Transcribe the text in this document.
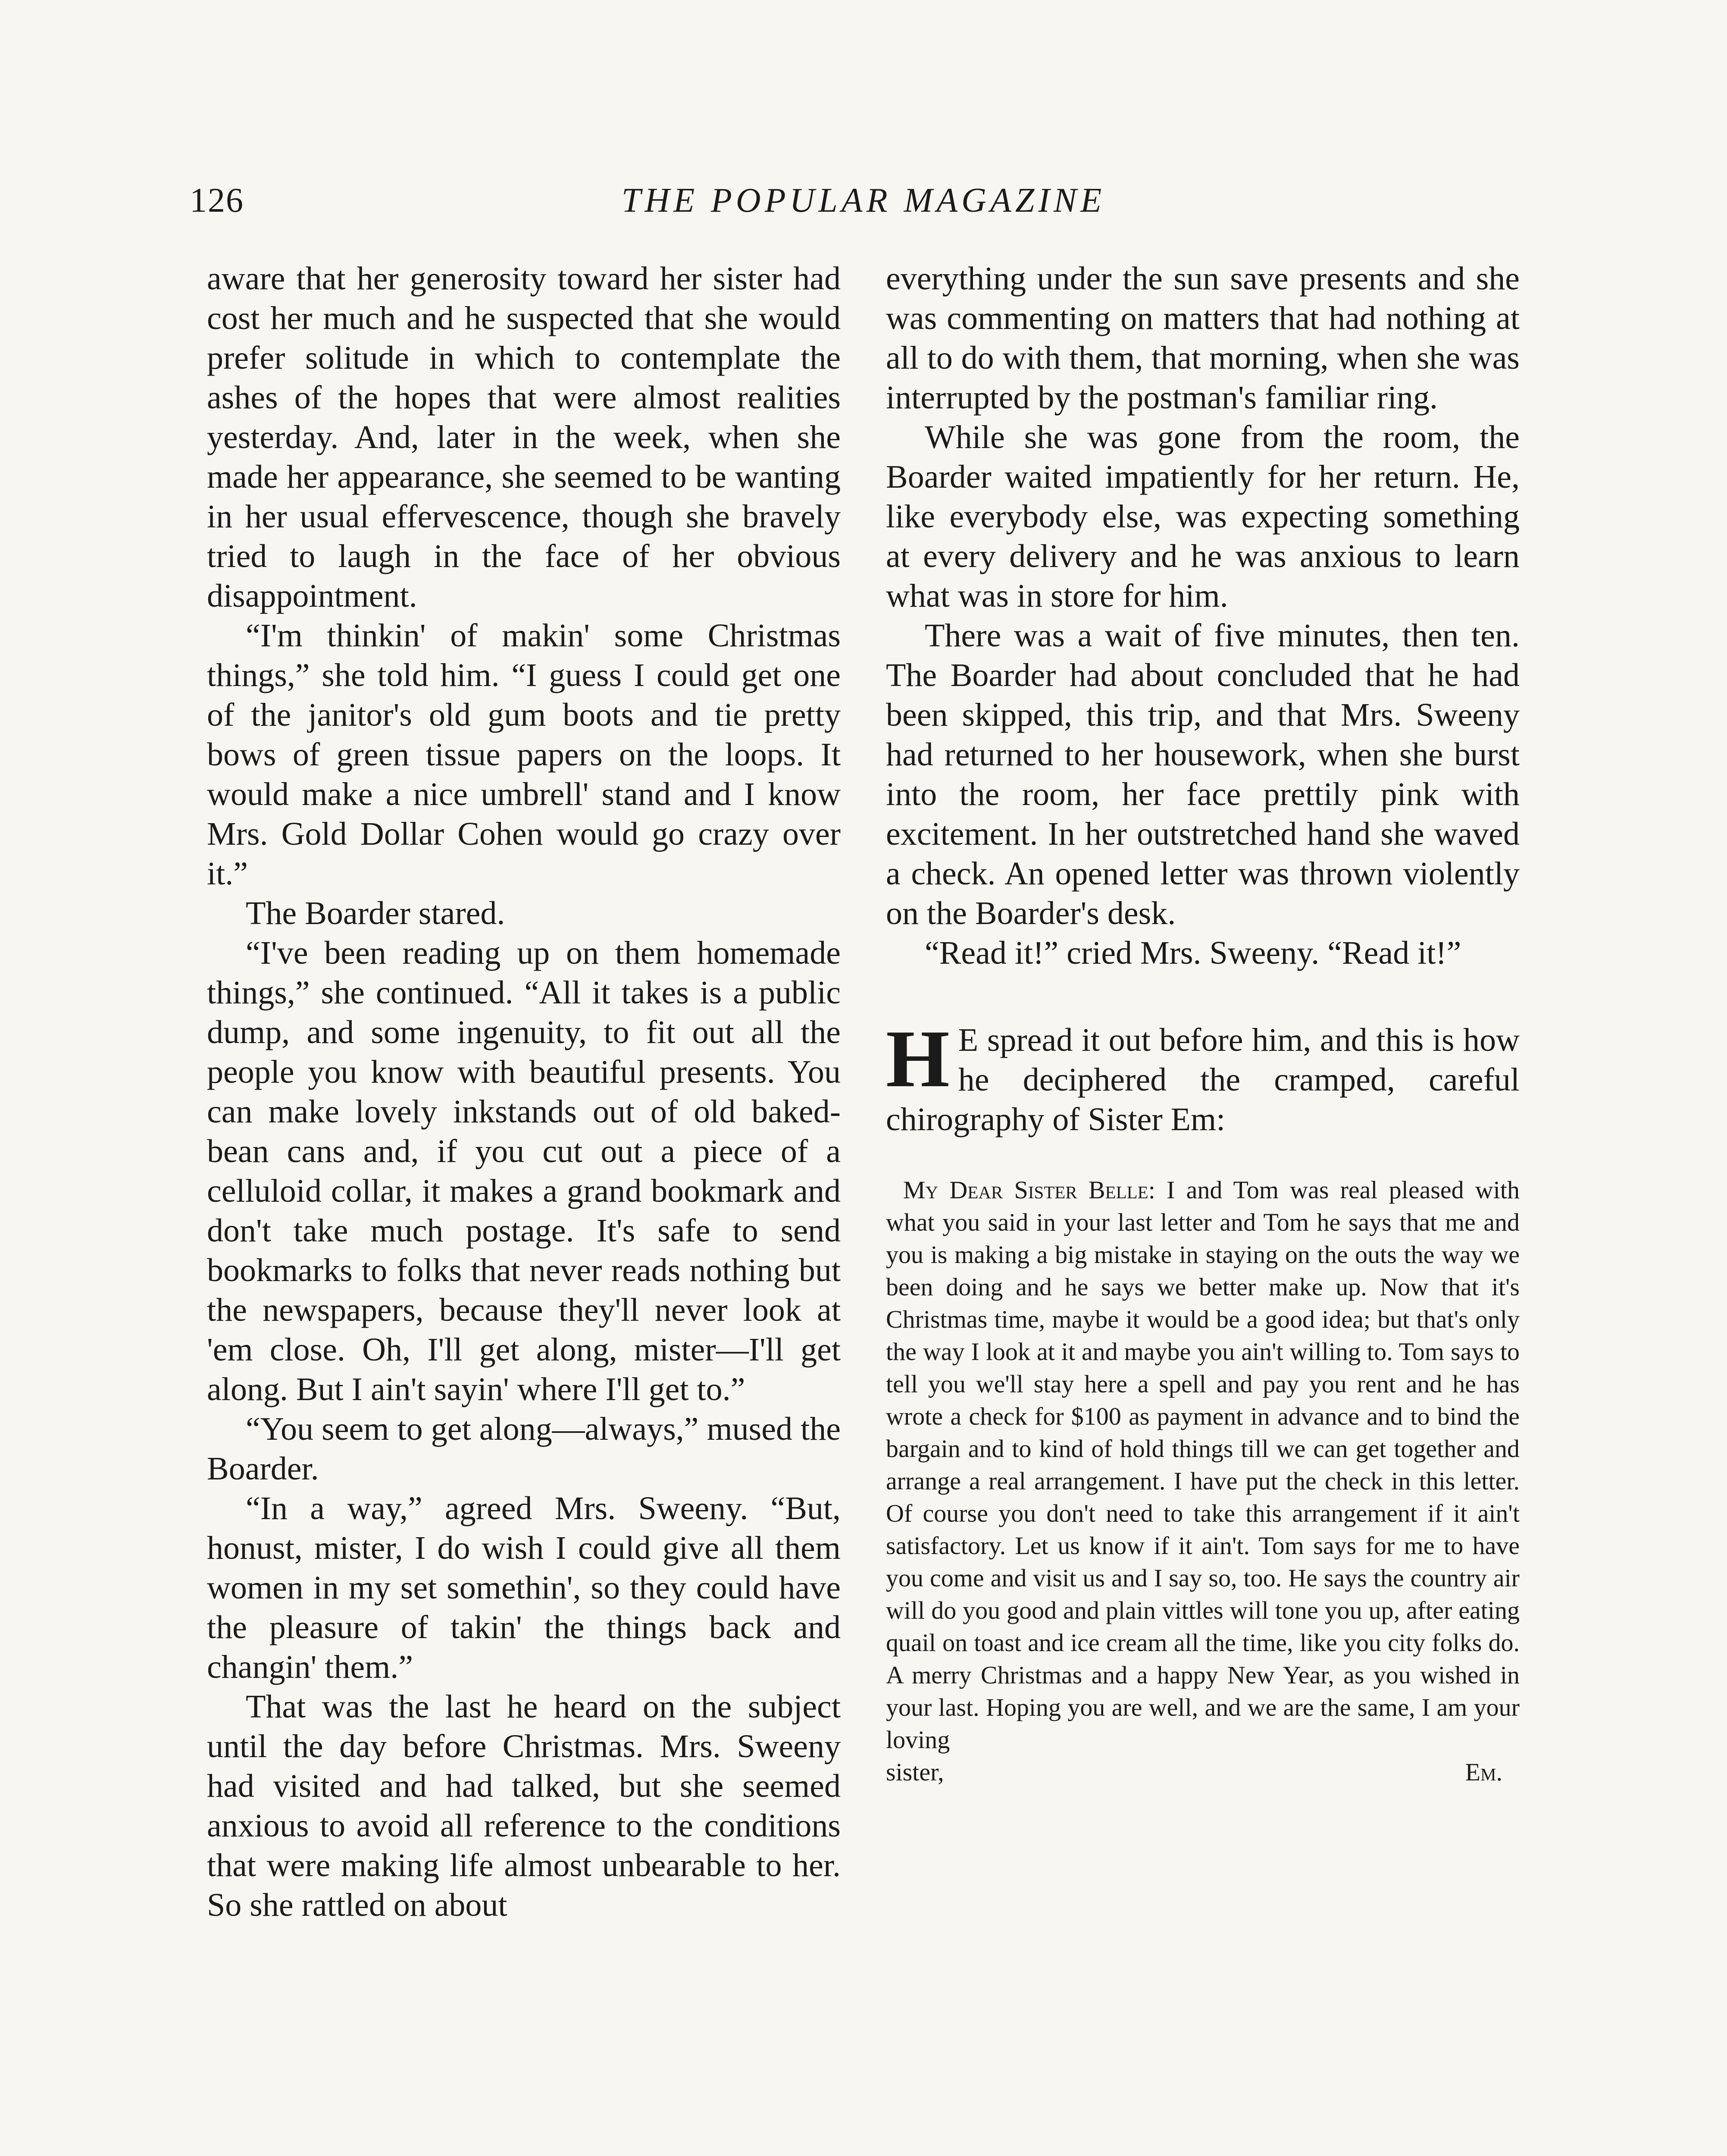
126	THE POPULAR MAGAZINE

aware that her generosity toward her sister had cost her much and he suspected that she would prefer solitude in which to contemplate the ashes of the hopes that were almost realities yesterday. And, later in the week, when she made her appearance, she seemed to be wanting in her usual effervescence, though she bravely tried to laugh in the face of her obvious disappointment.

“I'm thinkin' of makin' some Christmas things,” she told him. “I guess I could get one of the janitor's old gum boots and tie pretty bows of green tissue papers on the loops. It would make a nice umbrell' stand and I know Mrs. Gold Dollar Cohen would go crazy over it.”

The Boarder stared.

“I've been reading up on them homemade things,” she continued. “All it takes is a public dump, and some ingenuity, to fit out all the people you know with beautiful presents. You can make lovely inkstands out of old baked-bean cans and, if you cut out a piece of a celluloid collar, it makes a grand bookmark and don't take much postage. It's safe to send bookmarks to folks that never reads nothing but the newspapers, because they'll never look at 'em close. Oh, I'll get along, mister—I'll get along. But I ain't sayin' where I'll get to.”

“You seem to get along—always,” mused the Boarder.

“In a way,” agreed Mrs. Sweeny. “But, honust, mister, I do wish I could give all them women in my set somethin', so they could have the pleasure of takin' the things back and changin' them.”

That was the last he heard on the subject until the day before Christmas. Mrs. Sweeny had visited and had talked, but she seemed anxious to avoid all reference to the conditions that were making life almost unbearable to her. So she rattled on about

everything under the sun save presents and she was commenting on matters that had nothing at all to do with them, that morning, when she was interrupted by the postman's familiar ring.

While she was gone from the room, the Boarder waited impatiently for her return. He, like everybody else, was expecting something at every delivery and he was anxious to learn what was in store for him.

There was a wait of five minutes, then ten. The Boarder had about concluded that he had been skipped, this trip, and that Mrs. Sweeny had returned to her housework, when she burst into the room, her face prettily pink with excitement. In her outstretched hand she waved a check. An opened letter was thrown violently on the Boarder's desk.

“Read it!” cried Mrs. Sweeny. “Read it!”

H E spread it out before him, and this is how he deciphered the cramped, careful chirography of Sister Em:

My Dear Sister Belle: I and Tom was real pleased with what you said in your last letter and Tom he says that me and you is making a big mistake in staying on the outs the way we been doing and he says we better make up. Now that it's Christmas time, maybe it would be a good idea; but that's only the way I look at it and maybe you ain't willing to. Tom says to tell you we'll stay here a spell and pay you rent and he has wrote a check for $100 as payment in advance and to bind the bargain and to kind of hold things till we can get together and arrange a real arrangement. I have put the check in this letter. Of course you don't need to take this arrangement if it ain't satisfactory. Let us know if it ain't. Tom says for me to have you come and visit us and I say so, too. He says the country air will do you good and plain vittles will tone you up, after eating quail on toast and ice cream all the time, like you city folks do. A merry Christmas and a happy New Year, as you wished in your last. Hoping you are well, and we are the same, I am your loving

sister,	Em.
